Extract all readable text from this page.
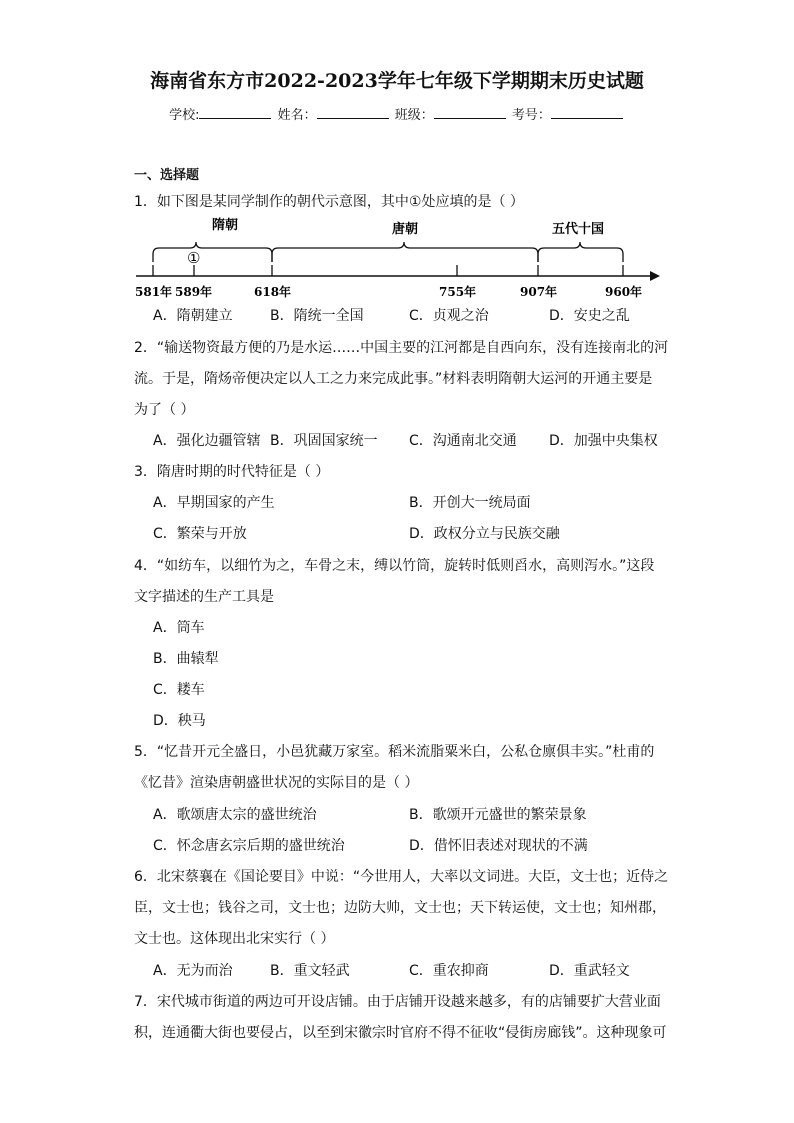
海南省东方市2022-2023学年七年级下学期期末历史试题
学校:	姓名：	班级：	考号：
一、选择题
1．如下图是某同学制作的朝代示意图，其中①处应填的是（ ）
隋朝	唐朝	五代十国
①
581年 589年	618年	755年	907年	960年
A．隋朝建立	B．隋统一全国	C．贞观之治	D．安史之乱
2．“输送物资最方便的乃是水运……中国主要的江河都是自西向东，没有连接南北的河
流。于是，隋炀帝便决定以人工之力来完成此事。”材料表明隋朝大运河的开通主要是
为了（ ）
A．强化边疆管辖 B．巩固国家统一 C．沟通南北交通 D．加强中央集权
3．隋唐时期的时代特征是（ ）
A．早期国家的产生	B．开创大一统局面
C．繁荣与开放	D．政权分立与民族交融
4．“如纺车，以细竹为之，车骨之末，缚以竹筒，旋转时低则舀水，高则泻水。”这段
文字描述的生产工具是
A．筒车
B．曲辕犁
C．耧车
D．秧马
5．“忆昔开元全盛日，小邑犹藏万家室。稻米流脂粟米白，公私仓廪俱丰实。”杜甫的
《忆昔》渲染唐朝盛世状况的实际目的是（ ）
A．歌颂唐太宗的盛世统治	B．歌颂开元盛世的繁荣景象
C．怀念唐玄宗后期的盛世统治	D．借怀旧表述对现状的不满
6．北宋蔡襄在《国论要目》中说：“今世用人，大率以文词进。大臣，文士也；近侍之
臣，文士也；钱谷之司，文士也；边防大帅，文士也；天下转运使，文士也；知州郡，
文士也。这体现出北宋实行（ ）
A．无为而治	B．重文轻武	C．重农抑商	D．重武轻文
7．宋代城市街道的两边可开设店铺。由于店铺开设越来越多，有的店铺要扩大营业面
积，连通衢大街也要侵占，以至到宋徽宗时官府不得不征收“侵街房廊钱”。这种现象可
